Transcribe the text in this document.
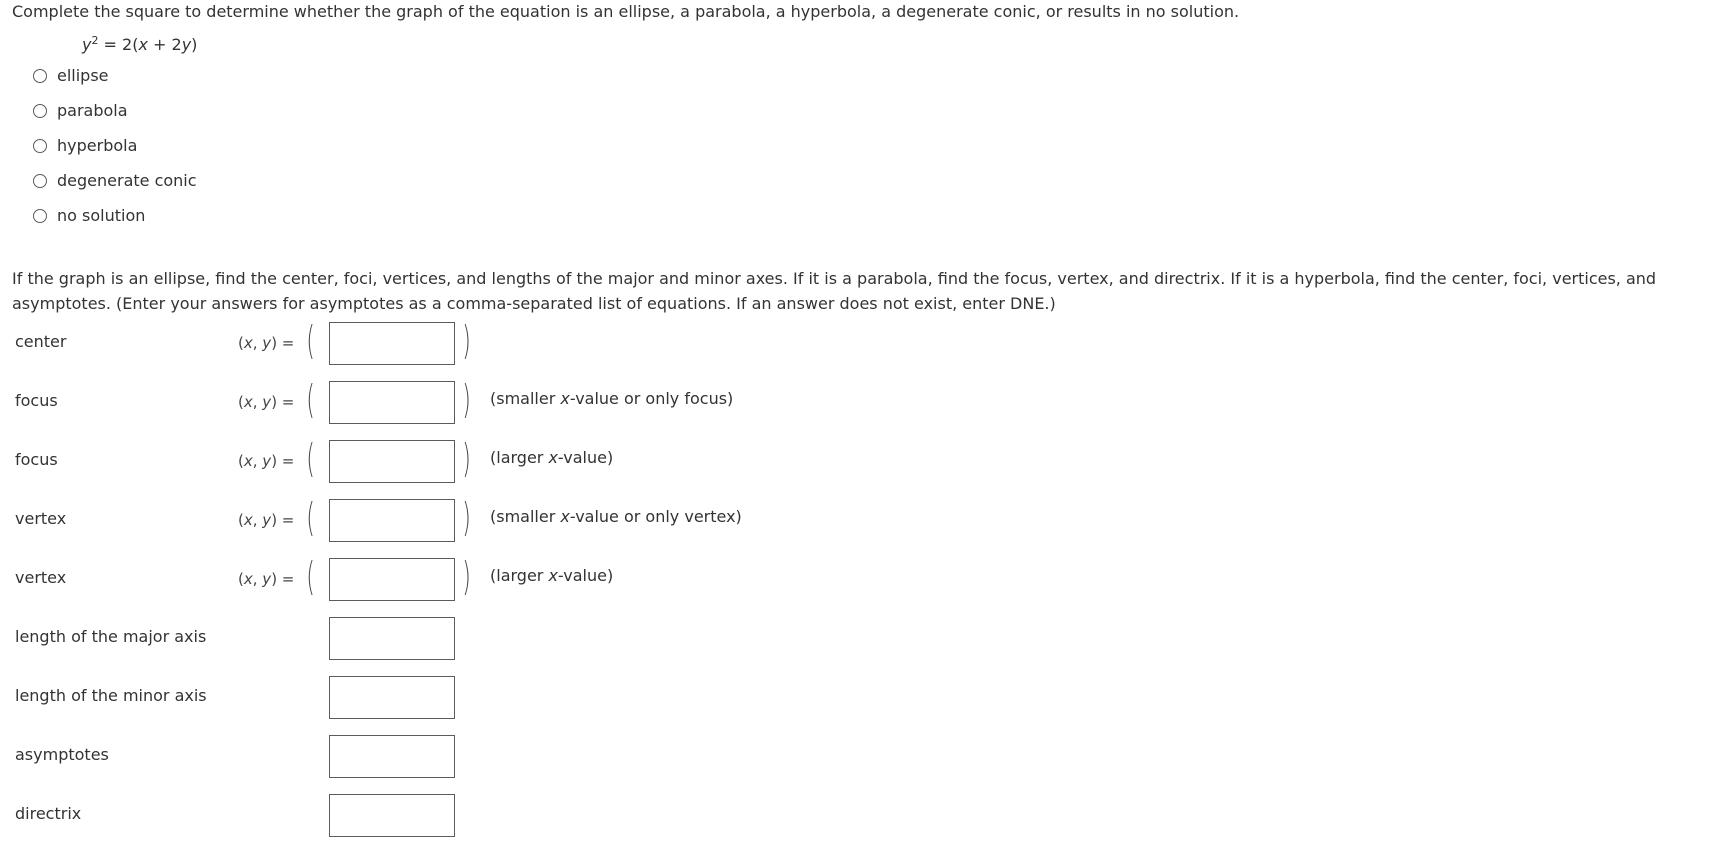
Complete the square to determine whether the graph of the equation is an ellipse, a parabola, a hyperbola, a degenerate conic, or results in no solution.
$y^2 = 2(x + 2y)$
ellipse
parabola
hyperbola
degenerate conic
no solution
If the graph is an ellipse, find the center, foci, vertices, and lengths of the major and minor axes. If it is a parabola, find the focus, vertex, and directrix. If it is a hyperbola, find the center, foci, vertices, and asymptotes. (Enter your answers for asymptotes as a comma-separated list of equations. If an answer does not exist, enter DNE.)
center	(x, y) = (	)
focus	(x, y) = (	) (smaller x-value or only focus)
focus	(x, y) = (	) (larger x-value)
vertex	(x, y) = (	) (smaller x-value or only vertex)
vertex	(x, y) = (	) (larger x-value)
length of the major axis
length of the minor axis
asymptotes
directrix
